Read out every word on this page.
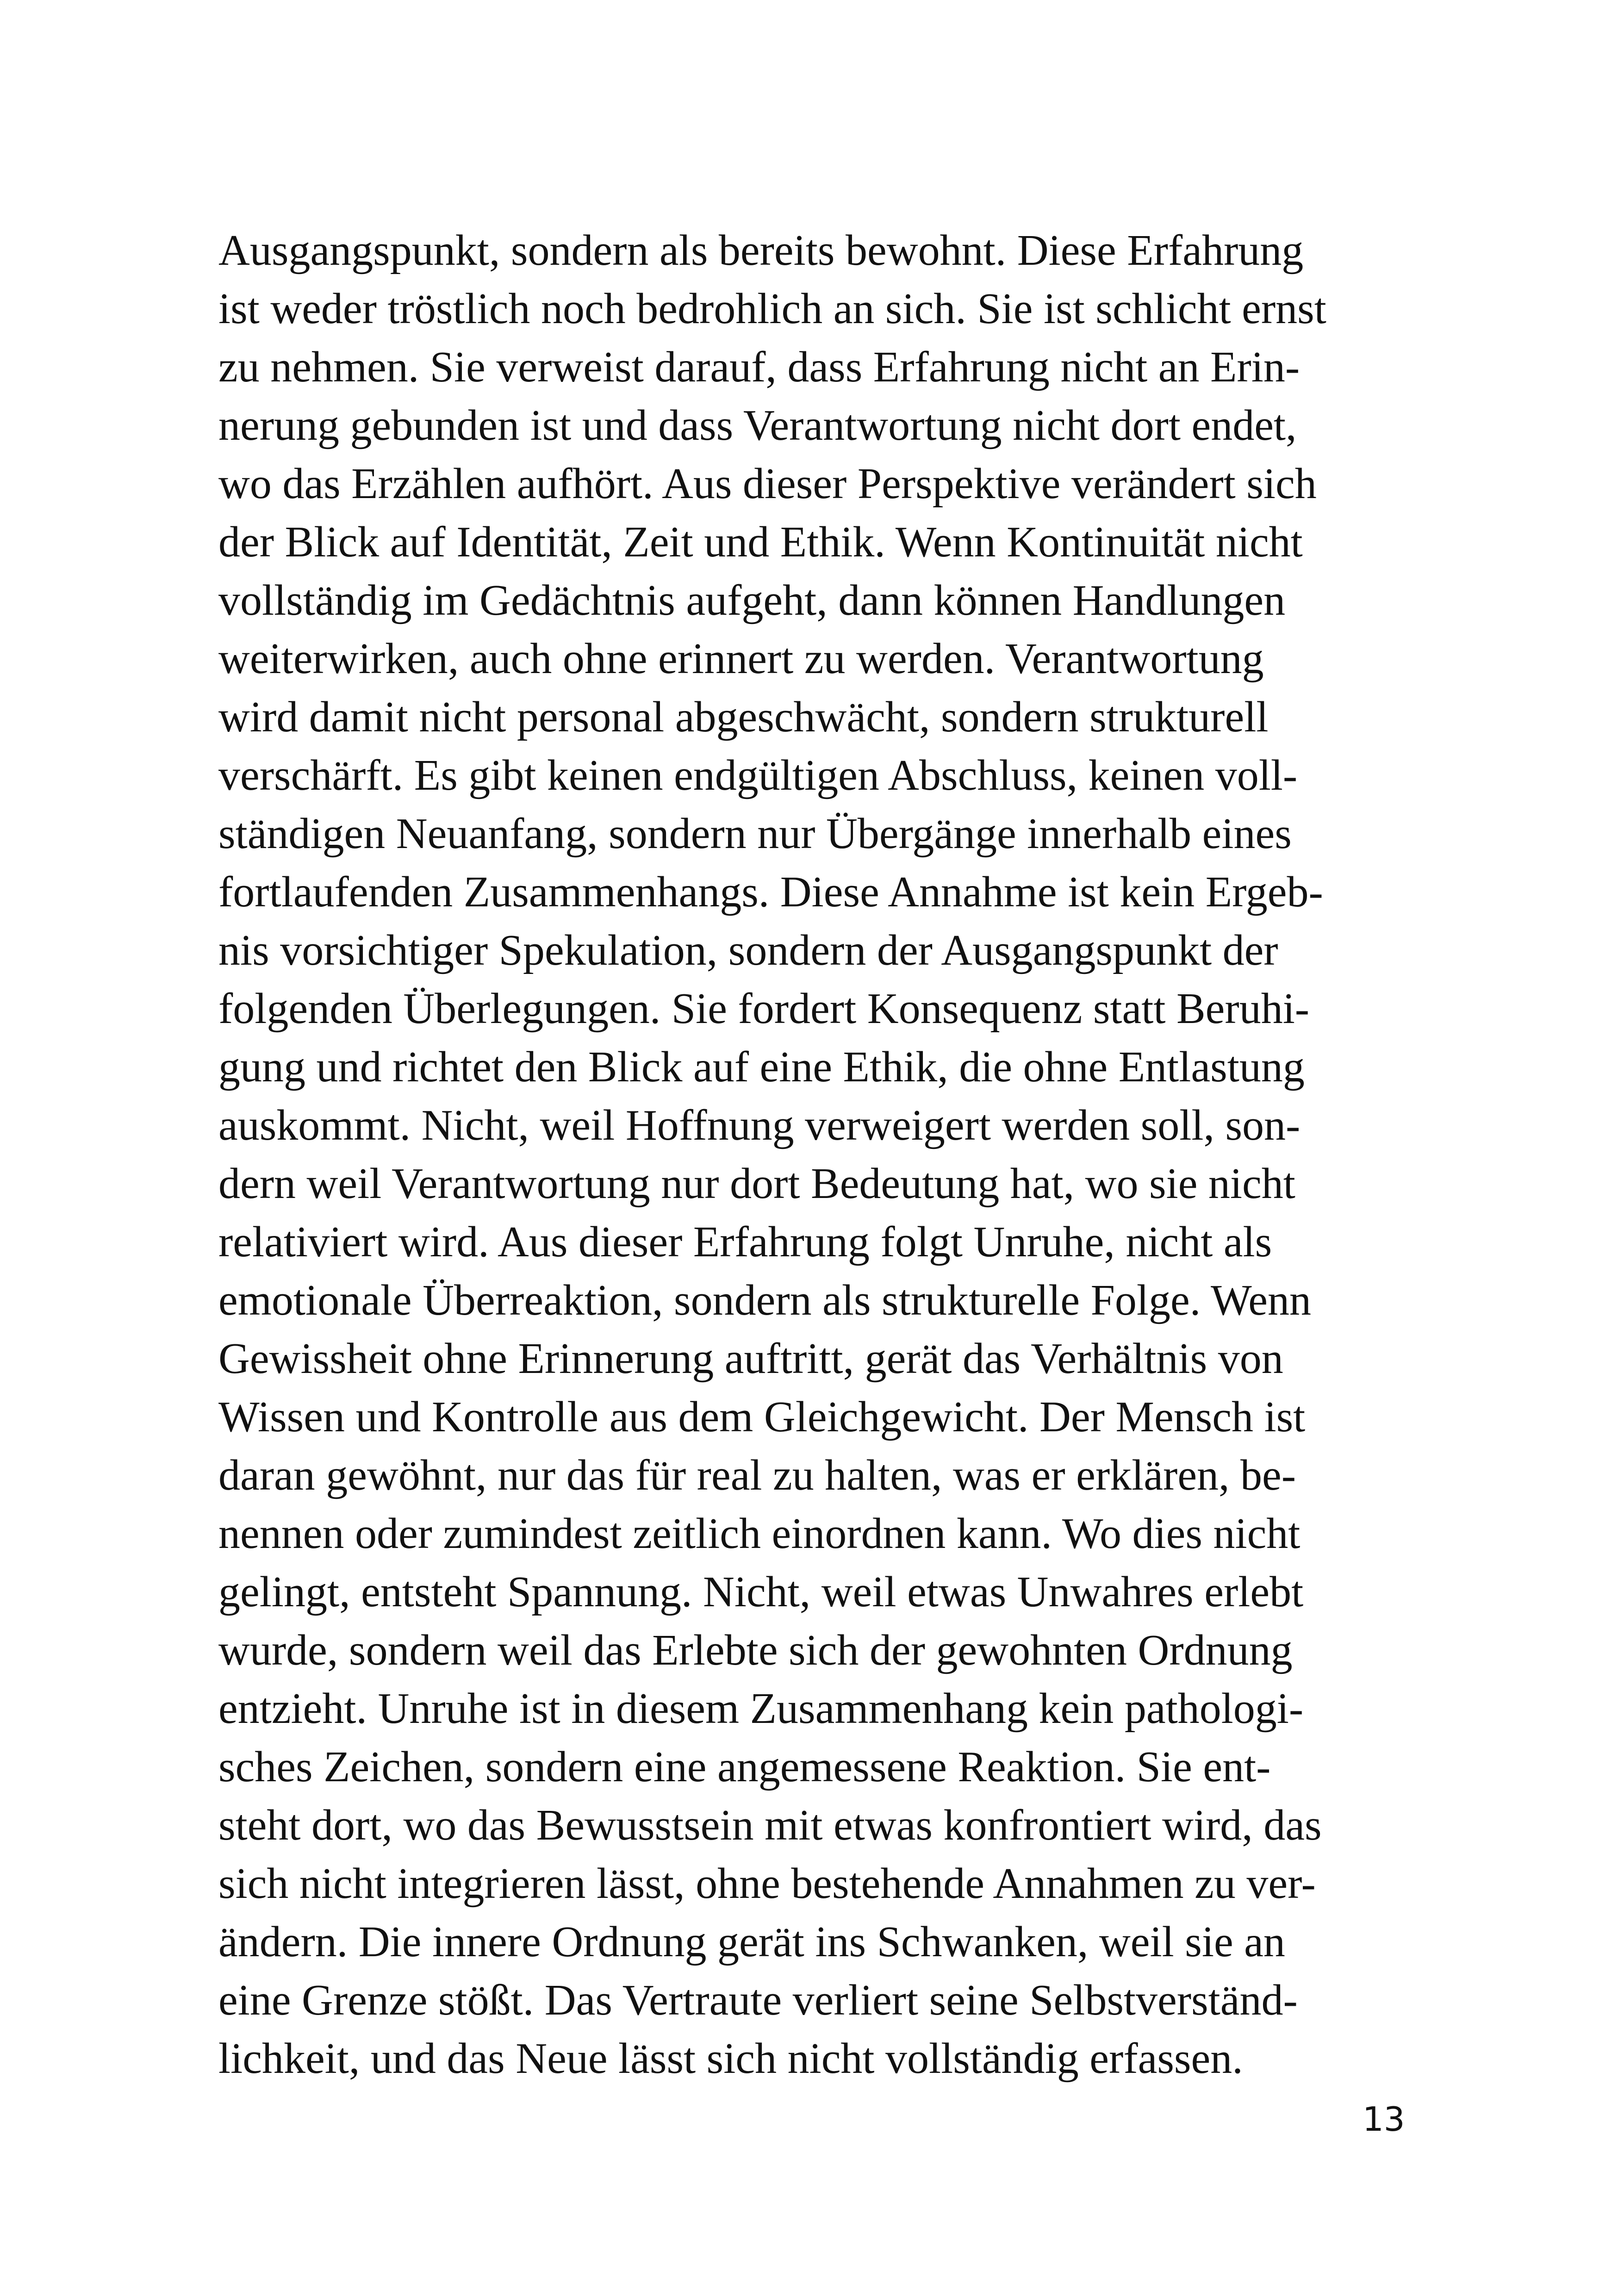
Ausgangspunkt, sondern als bereits bewohnt. Diese Erfahrung
ist weder tröstlich noch bedrohlich an sich. Sie ist schlicht ernst
zu nehmen. Sie verweist darauf, dass Erfahrung nicht an Erin-
nerung gebunden ist und dass Verantwortung nicht dort endet,
wo das Erzählen aufhört. Aus dieser Perspektive verändert sich
der Blick auf Identität, Zeit und Ethik. Wenn Kontinuität nicht
vollständig im Gedächtnis aufgeht, dann können Handlungen
weiterwirken, auch ohne erinnert zu werden. Verantwortung
wird damit nicht personal abgeschwächt, sondern strukturell
verschärft. Es gibt keinen endgültigen Abschluss, keinen voll-
ständigen Neuanfang, sondern nur Übergänge innerhalb eines
fortlaufenden Zusammenhangs. Diese Annahme ist kein Ergeb-
nis vorsichtiger Spekulation, sondern der Ausgangspunkt der
folgenden Überlegungen. Sie fordert Konsequenz statt Beruhi-
gung und richtet den Blick auf eine Ethik, die ohne Entlastung
auskommt. Nicht, weil Hoffnung verweigert werden soll, son-
dern weil Verantwortung nur dort Bedeutung hat, wo sie nicht
relativiert wird. Aus dieser Erfahrung folgt Unruhe, nicht als
emotionale Überreaktion, sondern als strukturelle Folge. Wenn
Gewissheit ohne Erinnerung auftritt, gerät das Verhältnis von
Wissen und Kontrolle aus dem Gleichgewicht. Der Mensch ist
daran gewöhnt, nur das für real zu halten, was er erklären, be-
nennen oder zumindest zeitlich einordnen kann. Wo dies nicht
gelingt, entsteht Spannung. Nicht, weil etwas Unwahres erlebt
wurde, sondern weil das Erlebte sich der gewohnten Ordnung
entzieht. Unruhe ist in diesem Zusammenhang kein pathologi-
sches Zeichen, sondern eine angemessene Reaktion. Sie ent-
steht dort, wo das Bewusstsein mit etwas konfrontiert wird, das
sich nicht integrieren lässt, ohne bestehende Annahmen zu ver-
ändern. Die innere Ordnung gerät ins Schwanken, weil sie an
eine Grenze stößt. Das Vertraute verliert seine Selbstverständ-
lichkeit, und das Neue lässt sich nicht vollständig erfassen.
13
